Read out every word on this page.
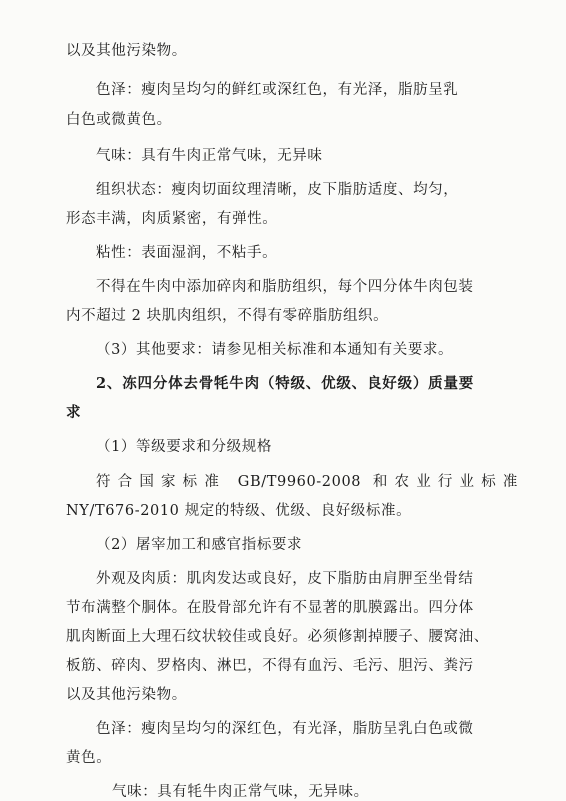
以及其他污染物。
色泽：瘦肉呈均匀的鲜红或深红色，有光泽，脂肪呈乳
白色或微黄色。
气味：具有牛肉正常气味，无异味
组织状态：瘦肉切面纹理清晰，皮下脂肪适度、均匀，
形态丰满，肉质紧密，有弹性。
粘性：表面湿润，不粘手。
不得在牛肉中添加碎肉和脂肪组织，每个四分体牛肉包装
内不超过 2 块肌肉组织，不得有零碎脂肪组织。
（3）其他要求：请参见相关标准和本通知有关要求。
2、冻四分体去骨牦牛肉（特级、优级、良好级）质量要
求
（1）等级要求和分级规格
符合国家标准 GB/T9960-2008 和农业行业标准
NY/T676-2010 规定的特级、优级、良好级标准。
（2）屠宰加工和感官指标要求
外观及肉质：肌肉发达或良好，皮下脂肪由肩胛至坐骨结
节布满整个胴体。在股骨部允许有不显著的肌膜露出。四分体
肌肉断面上大理石纹状较佳或良好。必须修割掉腰子、腰窝油、
板筋、碎肉、罗格肉、淋巴，不得有血污、毛污、胆污、粪污
以及其他污染物。
色泽：瘦肉呈均匀的深红色，有光泽，脂肪呈乳白色或微
黄色。
气味：具有牦牛肉正常气味，无异味。
